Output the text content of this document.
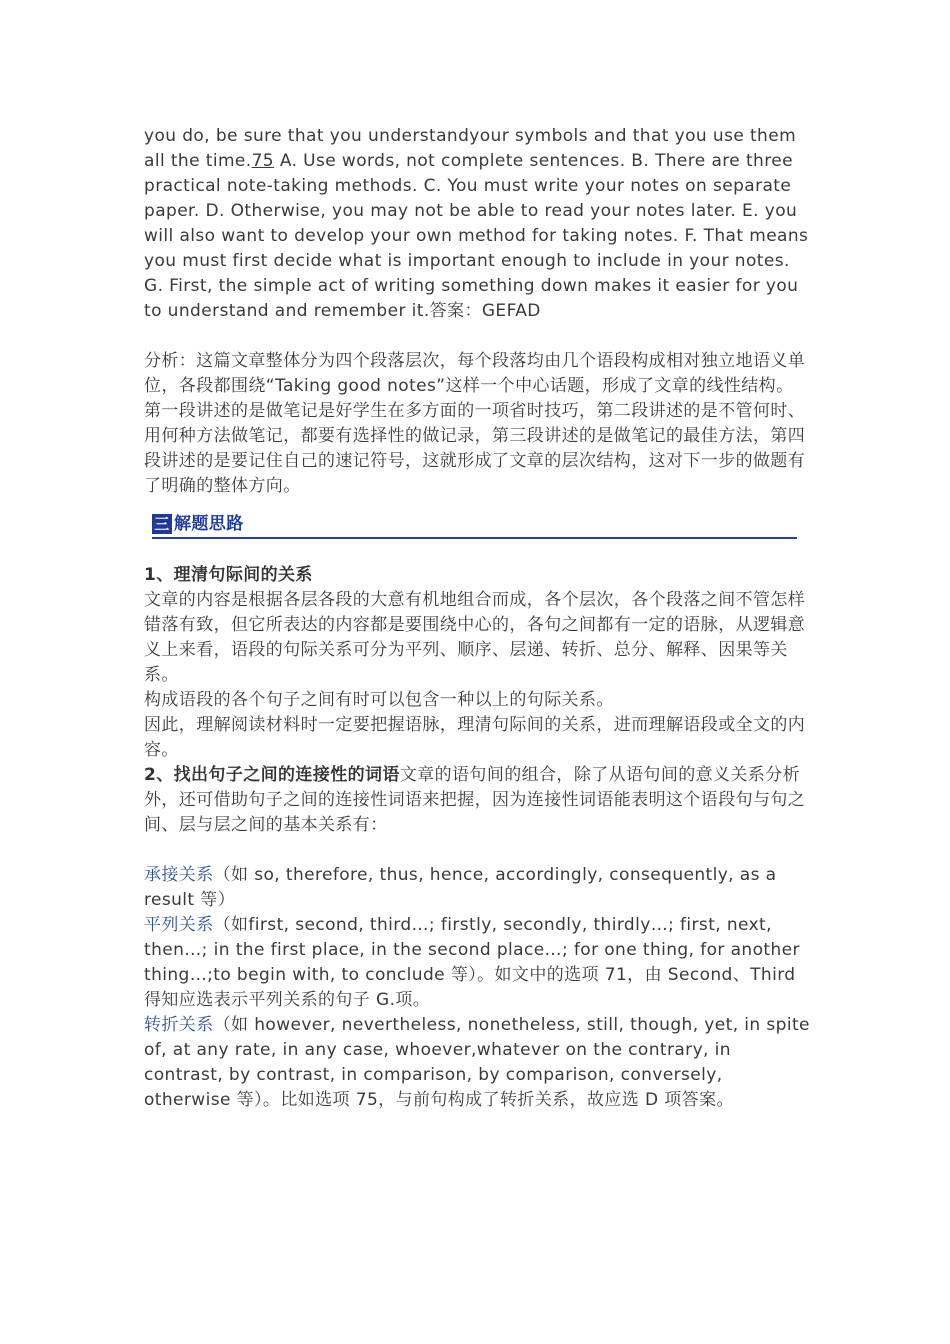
you do, be sure that you understandyour symbols and that you use them all the time.75 A. Use words, not complete sentences. B. There are three practical note-taking methods. C. You must write your notes on separate paper. D. Otherwise, you may not be able to read your notes later. E. you will also want to develop your own method for taking notes. F. That means you must first decide what is important enough to include in your notes. G. First, the simple act of writing something down makes it easier for you to understand and remember it.答案：GEFAD

分析：这篇文章整体分为四个段落层次，每个段落均由几个语段构成相对独立地语义单位，各段都围绕“Taking good notes”这样一个中心话题，形成了文章的线性结构。

第一段讲述的是做笔记是好学生在多方面的一项省时技巧，第二段讲述的是不管何时、用何种方法做笔记，都要有选择性的做记录，第三段讲述的是做笔记的最佳方法，第四段讲述的是要记住自己的速记符号，这就形成了文章的层次结构，这对下一步的做题有了明确的整体方向。

三 解题思路

1、理清句际间的关系

文章的内容是根据各层各段的大意有机地组合而成，各个层次，各个段落之间不管怎样错落有致，但它所表达的内容都是要围绕中心的，各句之间都有一定的语脉，从逻辑意义上来看，语段的句际关系可分为平列、顺序、层递、转折、总分、解释、因果等关系。

构成语段的各个句子之间有时可以包含一种以上的句际关系。

因此，理解阅读材料时一定要把握语脉，理清句际间的关系，进而理解语段或全文的内容。

2、找出句子之间的连接性的词语文章的语句间的组合，除了从语句间的意义关系分析外，还可借助句子之间的连接性词语来把握，因为连接性词语能表明这个语段句与句之间、层与层之间的基本关系有：

承接关系（如 so, therefore, thus, hence, accordingly, consequently, as a result 等）

平列关系（如first, second, third…; firstly, secondly, thirdly…; first, next, then…; in the first place, in the second place…; for one thing, for another thing…;to begin with, to conclude 等）。如文中的选项 71，由 Second、Third 得知应选表示平列关系的句子 G.项。

转折关系（如 however, nevertheless, nonetheless, still, though, yet, in spite of, at any rate, in any case, whoever,whatever on the contrary, in contrast, by contrast, in comparison, by comparison, conversely, otherwise 等）。比如选项 75，与前句构成了转折关系，故应选 D 项答案。
